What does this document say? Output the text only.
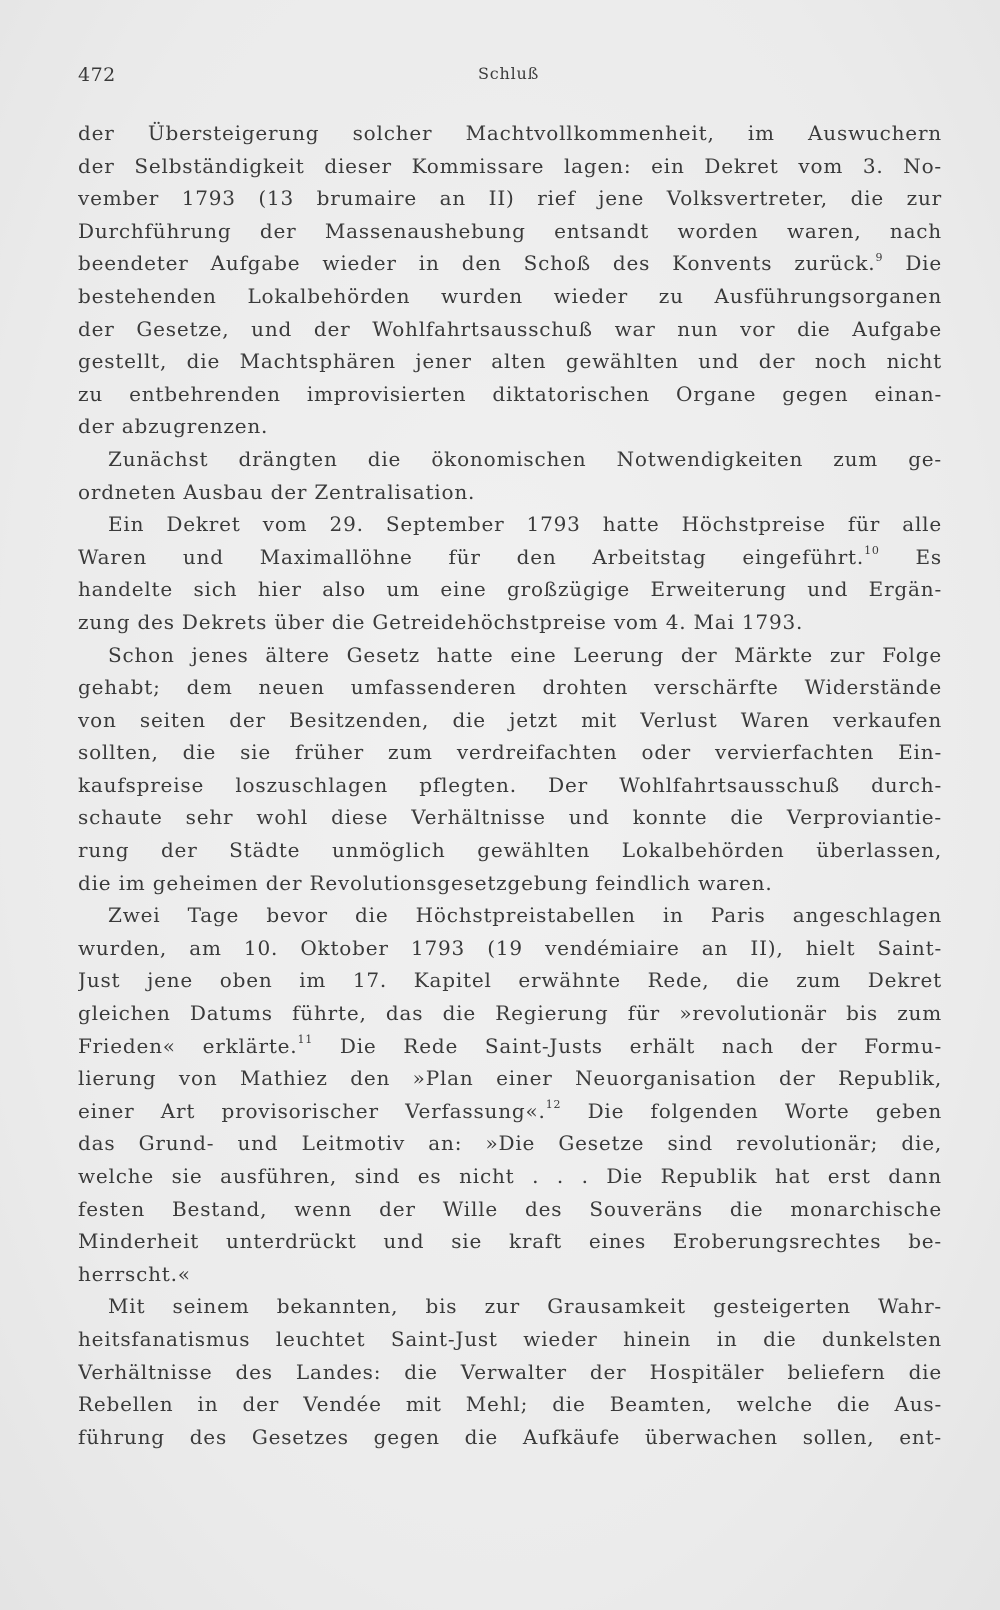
472	Schluß
der Übersteigerung solcher Machtvollkommenheit, im Auswuchern
der Selbständigkeit dieser Kommissare lagen: ein Dekret vom 3. No-
vember 1793 (13 brumaire an II) rief jene Volksvertreter, die zur
Durchführung der Massenaushebung entsandt worden waren, nach
beendeter Aufgabe wieder in den Schoß des Konvents zurück.$^9$ Die
bestehenden Lokalbehörden wurden wieder zu Ausführungsorganen
der Gesetze, und der Wohlfahrtsausschuß war nun vor die Aufgabe
gestellt, die Machtsphären jener alten gewählten und der noch nicht
zu entbehrenden improvisierten diktatorischen Organe gegen einan-
der abzugrenzen.
Zunächst drängten die ökonomischen Notwendigkeiten zum ge-
ordneten Ausbau der Zentralisation.
Ein Dekret vom 29. September 1793 hatte Höchstpreise für alle
Waren und Maximallöhne für den Arbeitstag eingeführt.$^{10}$ Es
handelte sich hier also um eine großzügige Erweiterung und Ergän-
zung des Dekrets über die Getreidehöchstpreise vom 4. Mai 1793.
Schon jenes ältere Gesetz hatte eine Leerung der Märkte zur Folge
gehabt; dem neuen umfassenderen drohten verschärfte Widerstände
von seiten der Besitzenden, die jetzt mit Verlust Waren verkaufen
sollten, die sie früher zum verdreifachten oder vervierfachten Ein-
kaufspreise loszuschlagen pflegten. Der Wohlfahrtsausschuß durch-
schaute sehr wohl diese Verhältnisse und konnte die Verproviantie-
rung der Städte unmöglich gewählten Lokalbehörden überlassen,
die im geheimen der Revolutionsgesetzgebung feindlich waren.
Zwei Tage bevor die Höchstpreistabellen in Paris angeschlagen
wurden, am 10. Oktober 1793 (19 vendémiaire an II), hielt Saint-
Just jene oben im 17. Kapitel erwähnte Rede, die zum Dekret
gleichen Datums führte, das die Regierung für »revolutionär bis zum
Frieden« erklärte.$^{11}$ Die Rede Saint-Justs erhält nach der Formu-
lierung von Mathiez den »Plan einer Neuorganisation der Republik,
einer Art provisorischer Verfassung«.$^{12}$ Die folgenden Worte geben
das Grund- und Leitmotiv an: »Die Gesetze sind revolutionär; die,
welche sie ausführen, sind es nicht . . . Die Republik hat erst dann
festen Bestand, wenn der Wille des Souveräns die monarchische
Minderheit unterdrückt und sie kraft eines Eroberungsrechtes be-
herrscht.«
Mit seinem bekannten, bis zur Grausamkeit gesteigerten Wahr-
heitsfanatismus leuchtet Saint-Just wieder hinein in die dunkelsten
Verhältnisse des Landes: die Verwalter der Hospitäler beliefern die
Rebellen in der Vendée mit Mehl; die Beamten, welche die Aus-
führung des Gesetzes gegen die Aufkäufe überwachen sollen, ent-
